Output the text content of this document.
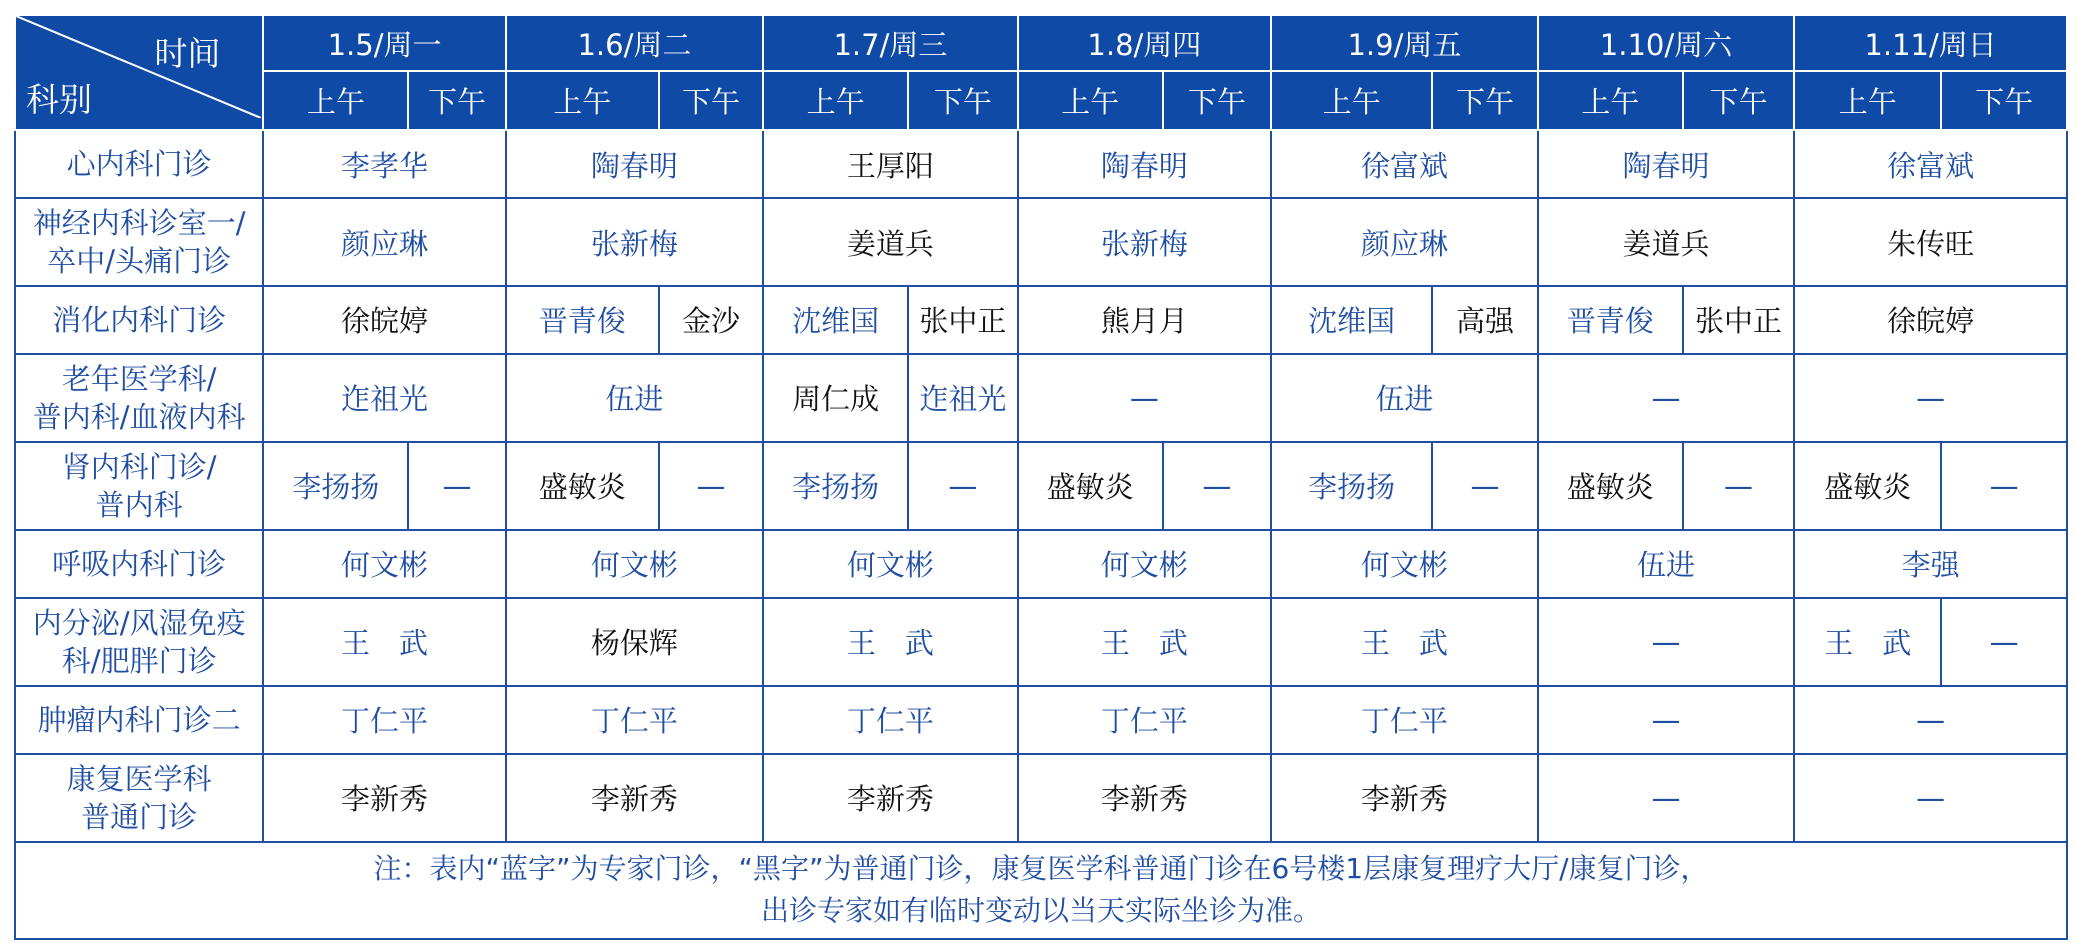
时间
科别	1.5/周一		1.6/周二		1.7/周三		1.8/周四		1.9/周五		1.10/周六		1.11/周日	
	上午	下午	上午	下午	上午	下午	上午	下午	上午	下午	上午	下午	上午	下午

心内科门诊	李孝华		陶春明		王厚阳		陶春明		徐富斌		陶春明		徐富斌	

神经内科诊室一/
卒中/头痛门诊	颜应琳		张新梅		姜道兵		张新梅		颜应琳		姜道兵		朱传旺	

消化内科门诊	徐皖婷		晋青俊	金沙	沈维国	张中正	熊月月		沈维国	高强	晋青俊	张中正	徐皖婷	

老年医学科/
普内科/血液内科	迮祖光		伍进		周仁成	迮祖光	—		伍进		—		—	

肾内科门诊/
普内科	李扬扬	—	盛敏炎	—	李扬扬	—	盛敏炎	—	李扬扬	—	盛敏炎	—	盛敏炎	—

呼吸内科门诊	何文彬		何文彬		何文彬		何文彬		何文彬		伍进		李强	

内分泌/风湿免疫
科/肥胖门诊	王　武		杨保辉		王　武		王　武		王　武		—		王　武	—

肿瘤内科门诊二	丁仁平		丁仁平		丁仁平		丁仁平		丁仁平		—		—	

康复医学科
普通门诊	李新秀		李新秀		李新秀		李新秀		李新秀		—		—	

注：表内“蓝字”为专家门诊，“黑字”为普通门诊，康复医学科普通门诊在6号楼1层康复理疗大厅/康复门诊，
出诊专家如有临时变动以当天实际坐诊为准。														
